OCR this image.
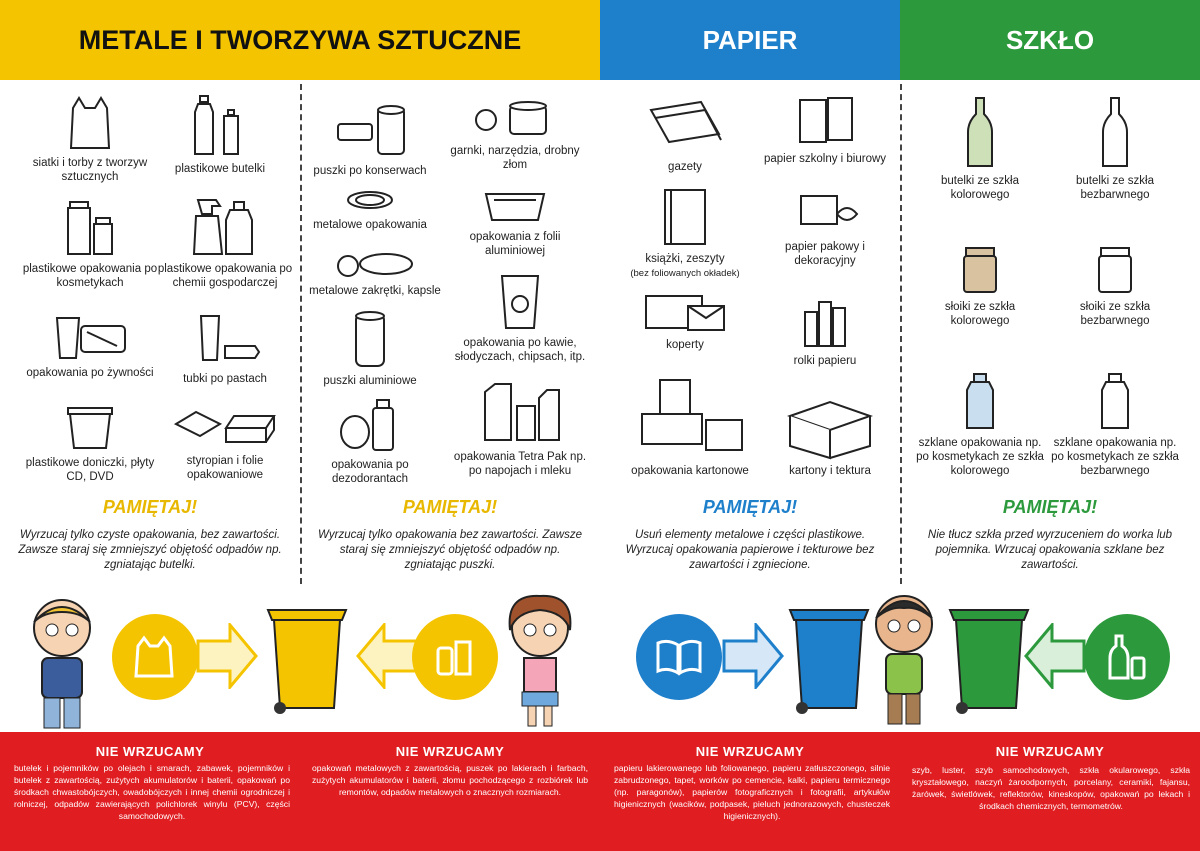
METALE I TWORZYWA SZTUCZNE	PAPIER	SZKŁO
siatki i torby z tworzyw sztucznych
plastikowe butelki
plastikowe opakowania po kosmetykach
plastikowe opakowania po chemii gospodarczej
opakowania po żywności	tubki po pastach
plastikowe doniczki, płyty CD, DVD
styropian i folie opakowaniowe
puszki po konserwach
garnki, narzędzia, drobny złom
metalowe opakowania
opakowania z folii aluminiowej
metalowe zakrętki, kapsle
opakowania po kawie, słodyczach, chipsach, itp.
puszki aluminiowe
opakowania po dezodorantach
opakowania Tetra Pak np. po napojach i mleku
gazety
papier szkolny i biurowy
książki, zeszyty
(bez foliowanych okładek)
papier pakowy i dekoracyjny
koperty
rolki papieru
opakowania kartonowe	kartony i tektura
butelki ze szkła kolorowego
butelki ze szkła bezbarwnego
słoiki ze szkła kolorowego
słoiki ze szkła bezbarwnego
szklane opakowania np. po kosmetykach ze szkła kolorowego
szklane opakowania np. po kosmetykach ze szkła bezbarwnego
PAMIĘTAJ!
Wyrzucaj tylko czyste opakowania, bez zawartości. Zawsze staraj się zmniejszyć objętość odpadów np. zgniatając butelki.
PAMIĘTAJ!
Wyrzucaj tylko opakowania bez zawartości. Zawsze staraj się zmniejszyć objętość odpadów np. zgniatając puszki.
PAMIĘTAJ!
Usuń elementy metalowe i części plastikowe. Wyrzucaj opakowania papierowe i tekturowe bez zawartości i zgniecione.
PAMIĘTAJ!
Nie tłucz szkła przed wyrzuceniem do worka lub pojemnika. Wrzucaj opakowania szklane bez zawartości.
NIE WRZUCAMY
butelek i pojemników po olejach i smarach, zabawek, pojemników i butelek z zawartością, zużytych akumulatorów i baterii, opakowań po środkach chwastobójczych, owadobójczych i innej chemii ogrodniczej i rolniczej, odpadów zawierających polichlorek winylu (PCV), części samochodowych.
NIE WRZUCAMY
opakowań metalowych z zawartością, puszek po lakierach i farbach, zużytych akumulatorów i baterii, złomu pochodzącego z rozbiórek lub remontów, odpadów metalowych o znacznych rozmiarach.
NIE WRZUCAMY
papieru lakierowanego lub foliowanego, papieru zatłuszczonego, silnie zabrudzonego, tapet, worków po cemencie, kalki, papieru termicznego (np. paragonów), papierów fotograficznych i fotografii, artykułów higienicznych (wacików, podpasek, pieluch jednorazowych, chusteczek higienicznych).
NIE WRZUCAMY
szyb, luster, szyb samochodowych, szkła okularowego, szkła kryształowego, naczyń żaroodpornych, porcelany, ceramiki, fajansu, żarówek, świetlówek, reflektorów, kineskopów, opakowań po lekach i środkach chemicznych, termometrów.
